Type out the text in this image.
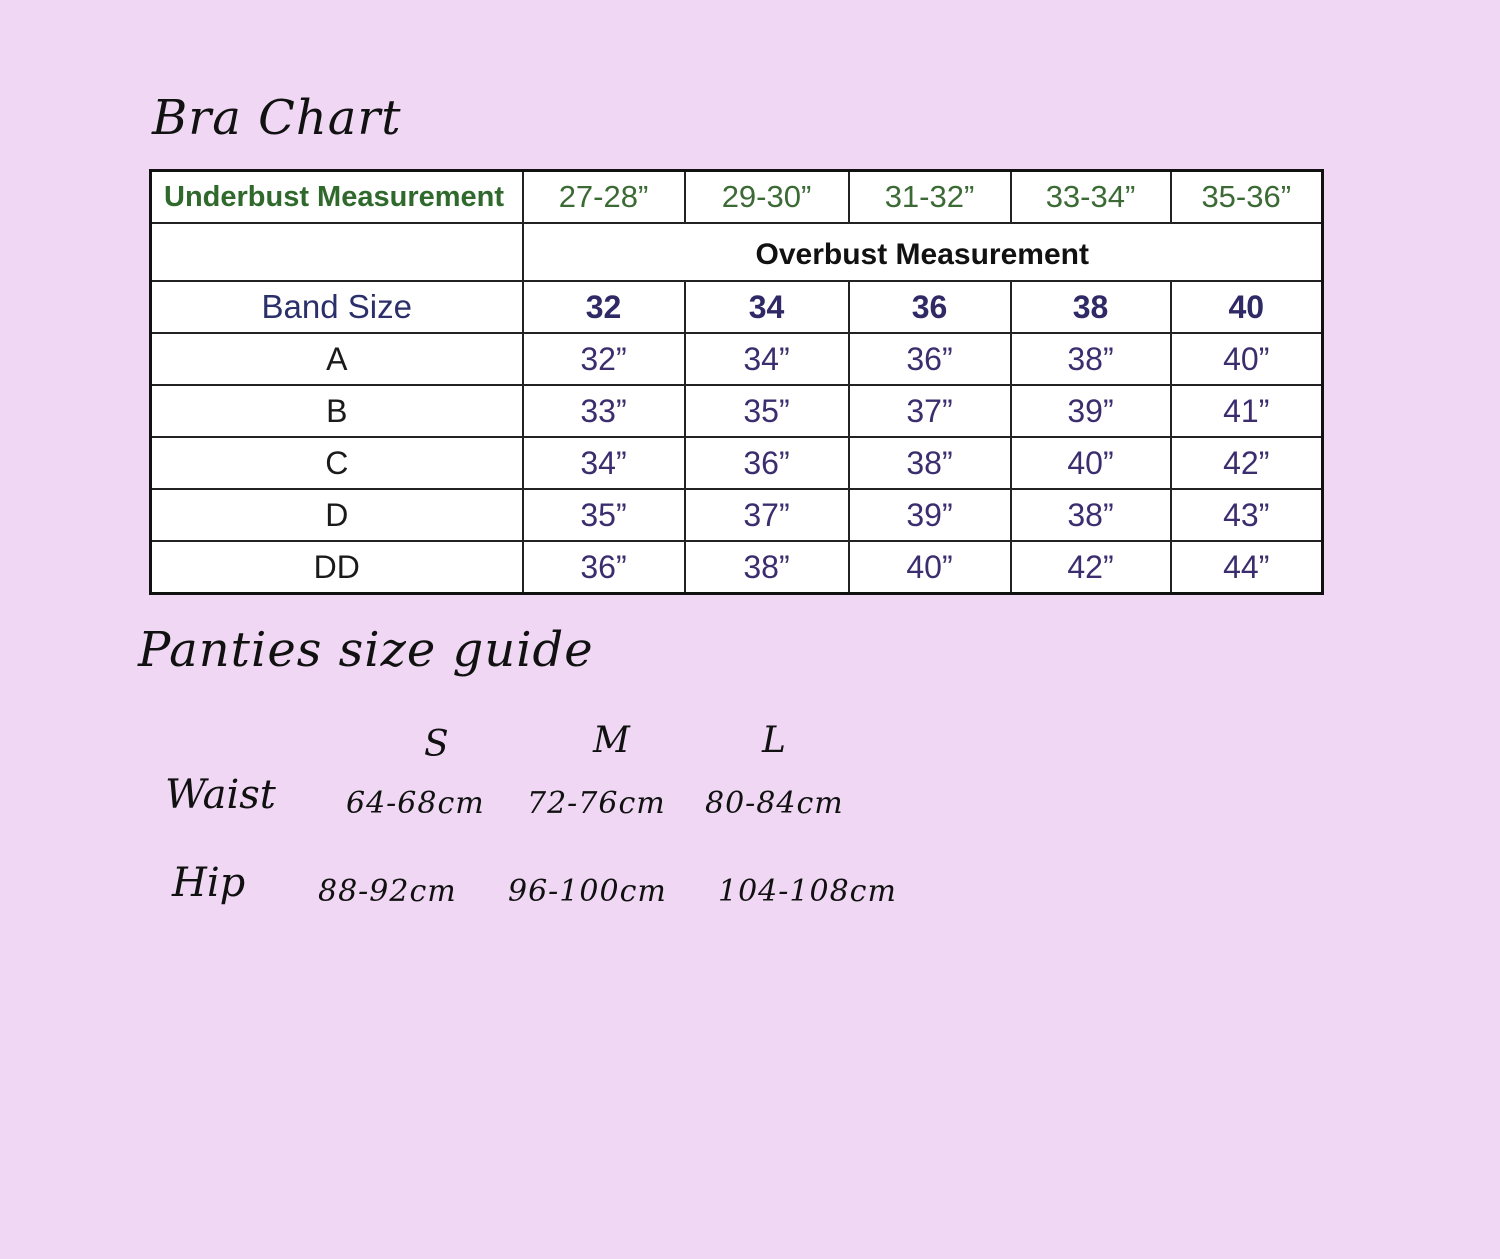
Bra Chart
Underbust Measurement	27-28”	29-30”	31-32”	33-34”	35-36”
	Overbust Measurement				
Band Size	32	34	36	38	40
A	32”	34”	36”	38”	40”
B	33”	35”	37”	39”	41”
C	34”	36”	38”	40”	42”
D	35”	37”	39”	38”	43”
DD	36”	38”	40”	42”	44”
Panties size guide
S	M	L
Waist 64-68cm 72-76cm 80-84cm
Hip 88-92cm 96-100cm 104-108cm
